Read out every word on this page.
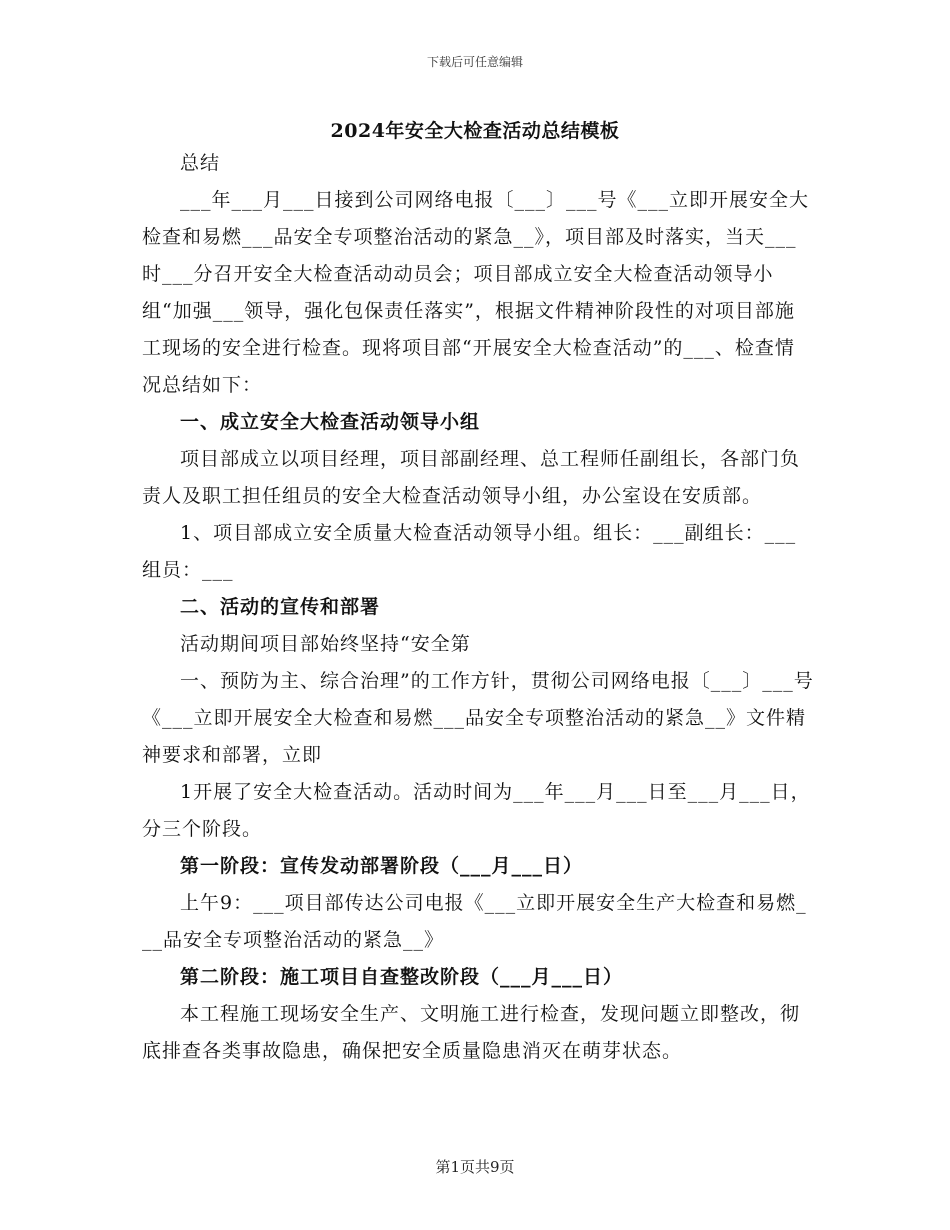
下载后可任意编辑
2024年安全大检查活动总结模板

总结

___年___月___日接到公司网络电报〔___〕___号《___立即开展安全大检查和易燃___品安全专项整治活动的紧急__》，项目部及时落实，当天___时___分召开安全大检查活动动员会；项目部成立安全大检查活动领导小组“加强___领导，强化包保责任落实”，根据文件精神阶段性的对项目部施工现场的安全进行检查。现将项目部“开展安全大检查活动”的___、检查情况总结如下：

一、成立安全大检查活动领导小组

项目部成立以项目经理，项目部副经理、总工程师任副组长，各部门负责人及职工担任组员的安全大检查活动领导小组，办公室设在安质部。

1、项目部成立安全质量大检查活动领导小组。组长：___副组长：___组员：___

二、活动的宣传和部署

活动期间项目部始终坚持“安全第

一、预防为主、综合治理”的工作方针，贯彻公司网络电报〔___〕___号《___立即开展安全大检查和易燃___品安全专项整治活动的紧急__》文件精神要求和部署，立即

1开展了安全大检查活动。活动时间为___年___月___日至___月___日，分三个阶段。

第一阶段：宣传发动部署阶段（___月___日）

上午9：___项目部传达公司电报《___立即开展安全生产大检查和易燃___品安全专项整治活动的紧急__》

第二阶段：施工项目自查整改阶段（___月___日）

本工程施工现场安全生产、文明施工进行检查，发现问题立即整改，彻底排查各类事故隐患，确保把安全质量隐患消灭在萌芽状态。

第1页共9页
